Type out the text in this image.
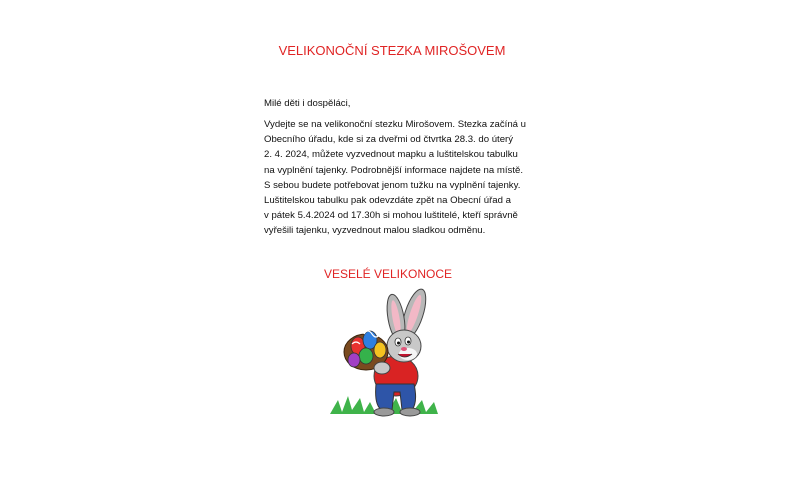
VELIKONOČNÍ STEZKA MIROŠOVEM
Milé děti i dospěláci,
Vydejte se na velikonoční stezku Mirošovem. Stezka začíná u
Obecního úřadu, kde si za dveřmi od čtvrtka 28.3. do úterý
2. 4. 2024, můžete vyzvednout mapku a luštitelskou tabulku
na vyplnění tajenky. Podrobnější informace najdete na místě.
S sebou budete potřebovat jenom tužku na vyplnění tajenky.
Luštitelskou tabulku pak odevzdáte zpět na Obecní úřad a
v pátek 5.4.2024 od 17.30h si mohou luštitelé, kteří správně
vyřešili tajenku, vyzvednout malou sladkou odměnu.
VESELÉ VELIKONOCE
